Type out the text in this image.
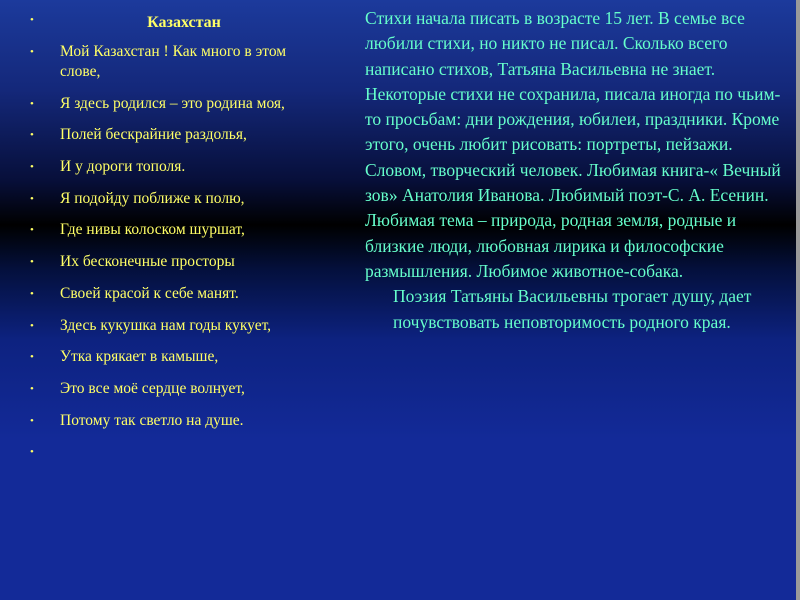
•	Казахстан
• Мой Казахстан ! Как много в этом слове,
• Я здесь родился – это родина моя,
• Полей бескрайние раздолья,
• И у дороги тополя.
• Я подойду поближе к полю,
• Где нивы колоском шуршат,
• Их бесконечные просторы
• Своей красой к себе манят.
• Здесь кукушка нам годы кукует,
• Утка крякает в камыше,
• Это все моё сердце волнует,
• Потому так светло на душе.
•
Стихи начала писать в возрасте 15 лет. В семье все любили стихи, но никто не писал. Сколько всего написано стихов, Татьяна Васильевна не знает. Некоторые стихи не сохранила, писала иногда по чьим-то просьбам: дни рождения, юбилеи, праздники. Кроме этого, очень любит рисовать: портреты, пейзажи. Словом, творческий человек. Любимая книга-« Вечный зов» Анатолия Иванова. Любимый поэт-С. А. Есенин. Любимая тема – природа, родная земля, родные и близкие люди, любовная лирика и философские размышления. Любимое животное-собака.
Поэзия Татьяны Васильевны трогает душу, дает почувствовать неповторимость родного края.
